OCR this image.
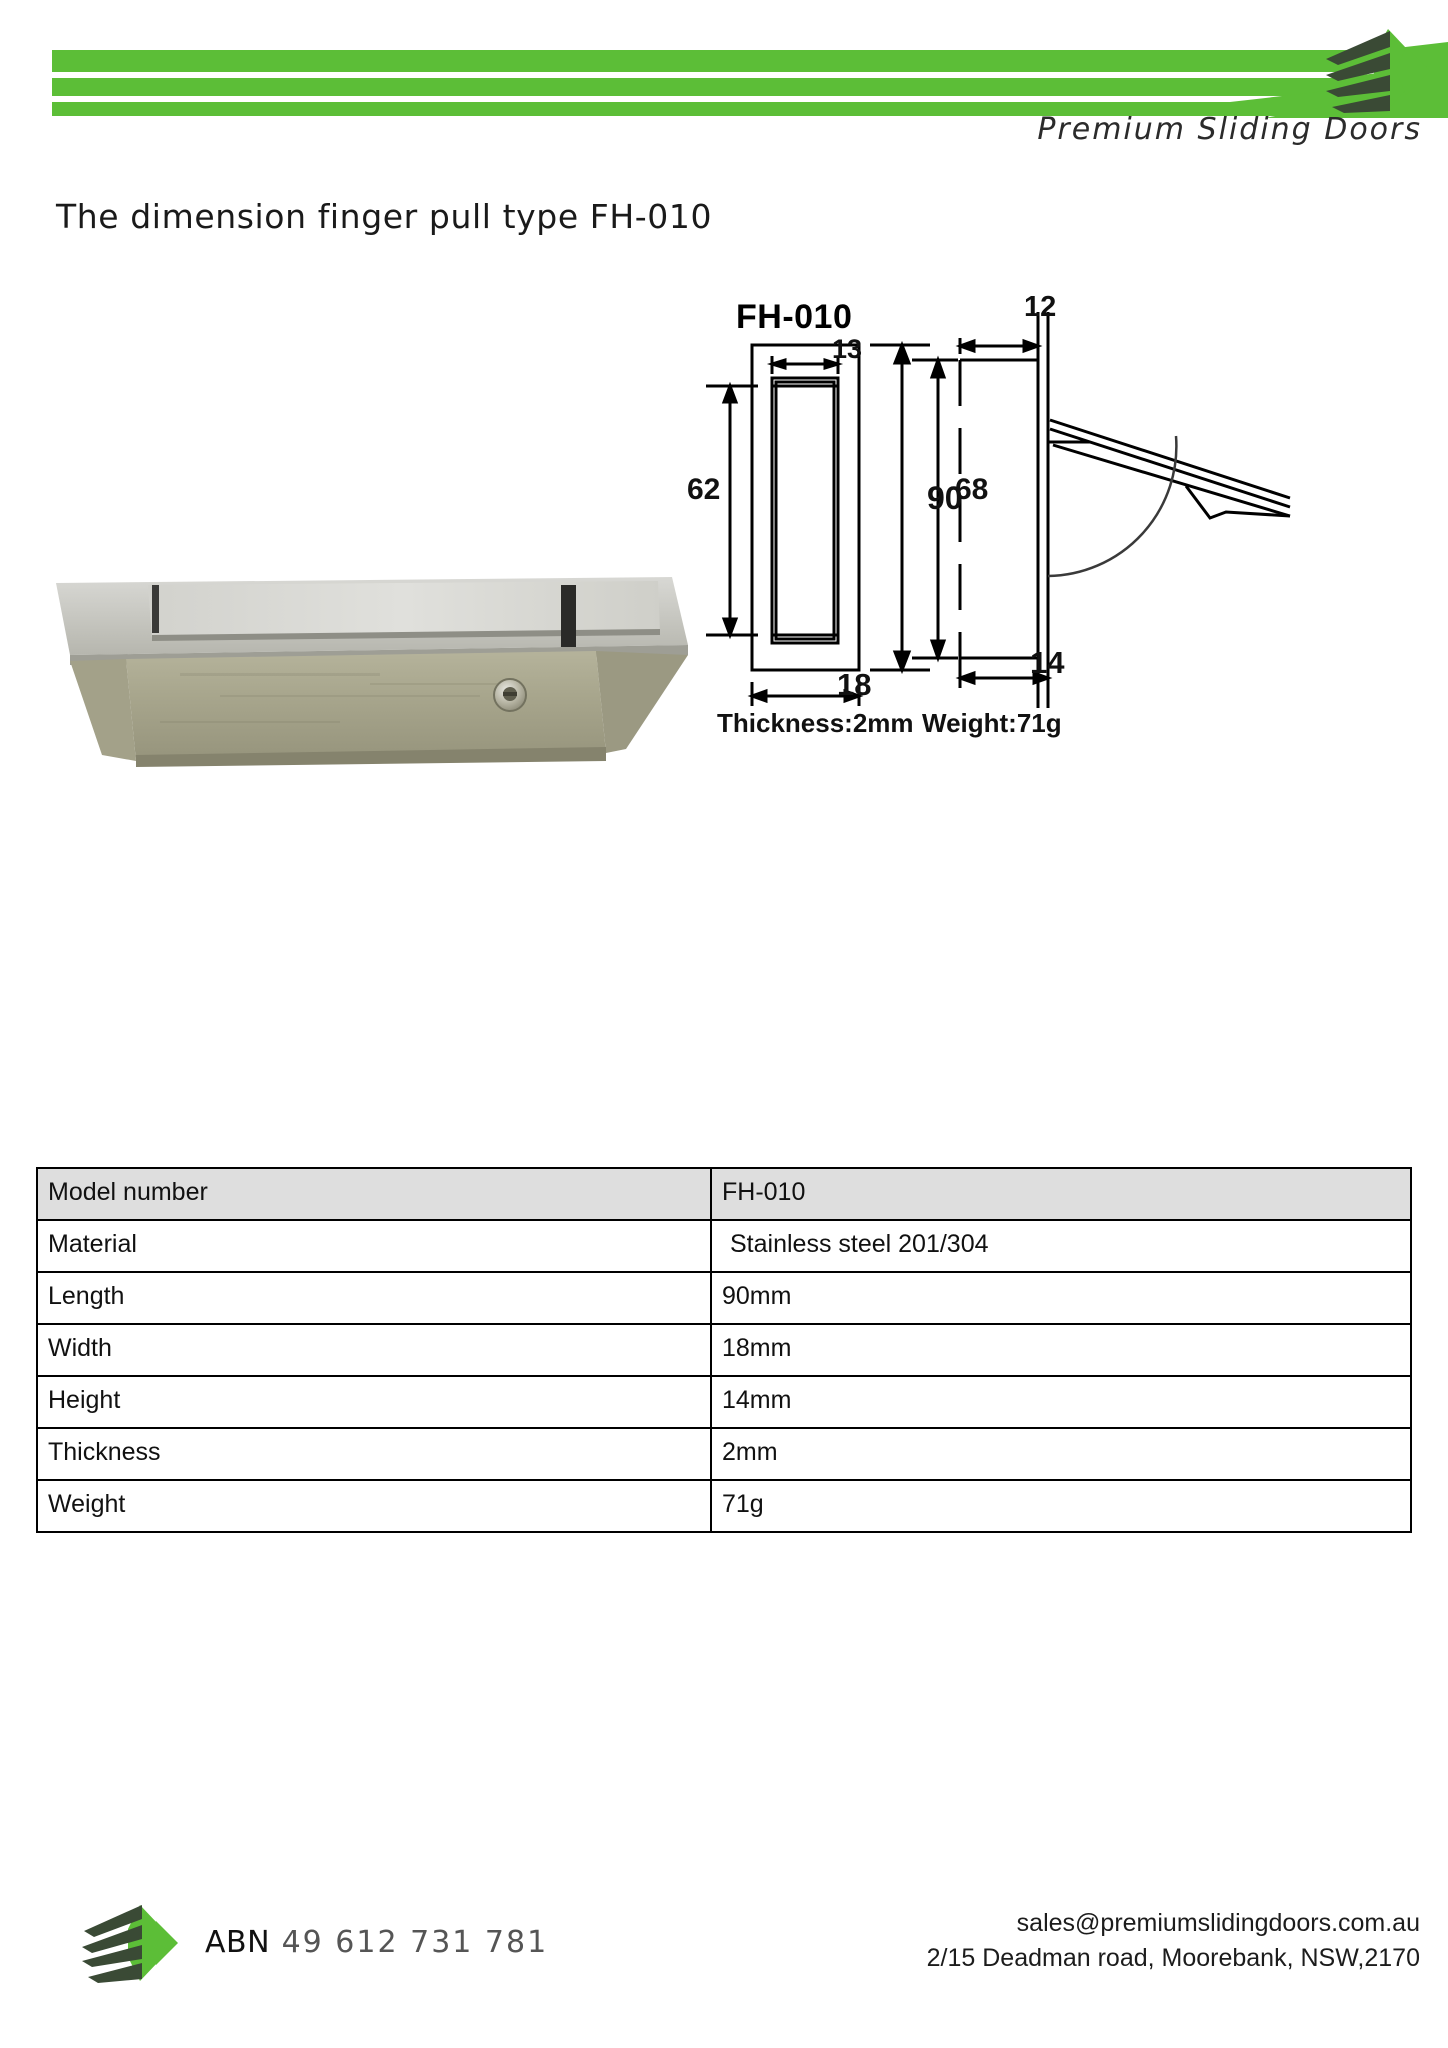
Premium Sliding Doors
The dimension finger pull type FH-010
FH-010
13
62	90
18
12
68
14
Thickness:2mm Weight:71g
Model number	FH-010
Material	Stainless steel 201/304
Length	90mm
Width	18mm
Height	14mm
Thickness	2mm
Weight	71g
ABN 49 612 731 781
sales@premiumslidingdoors.com.au
2/15 Deadman road, Moorebank, NSW,2170
